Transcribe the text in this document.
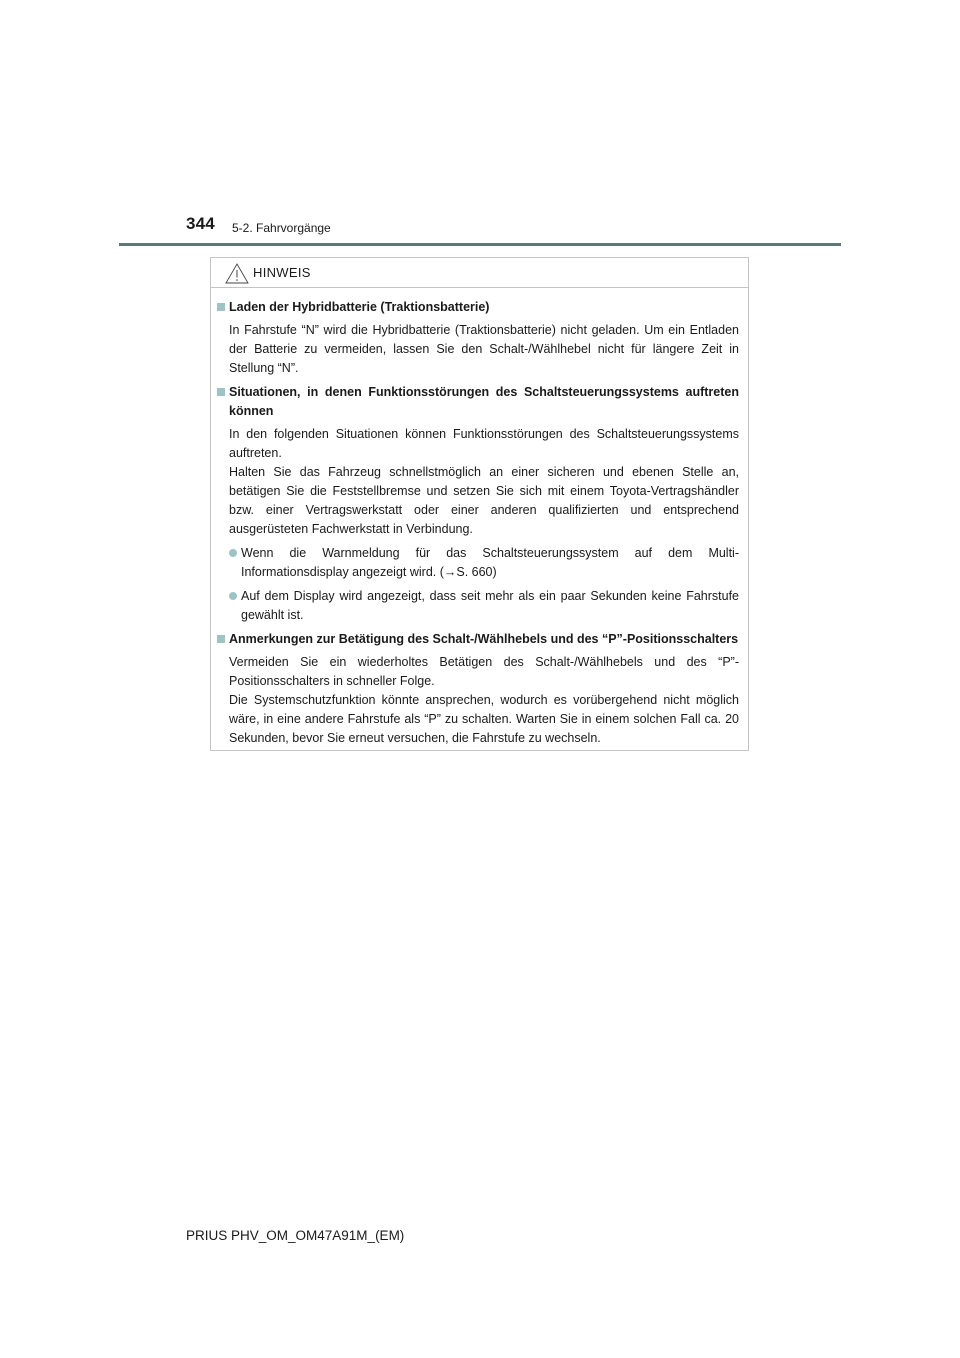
344 5-2. Fahrvorgänge
HINWEIS
Laden der Hybridbatterie (Traktionsbatterie)
In Fahrstufe “N” wird die Hybridbatterie (Traktionsbatterie) nicht geladen. Um ein Entladen der Batterie zu vermeiden, lassen Sie den Schalt-/Wählhebel nicht für längere Zeit in Stellung “N”.
Situationen, in denen Funktionsstörungen des Schaltsteuerungssystems auftreten können
In den folgenden Situationen können Funktionsstörungen des Schaltsteuerungssystems auftreten.
Halten Sie das Fahrzeug schnellstmöglich an einer sicheren und ebenen Stelle an, betätigen Sie die Feststellbremse und setzen Sie sich mit einem Toyota-Vertragshändler bzw. einer Vertragswerkstatt oder einer anderen qualifizierten und entsprechend ausgerüsteten Fachwerkstatt in Verbindung.
Wenn die Warnmeldung für das Schaltsteuerungssystem auf dem Multi-Informationsdisplay angezeigt wird. (→S. 660)
Auf dem Display wird angezeigt, dass seit mehr als ein paar Sekunden keine Fahrstufe gewählt ist.
Anmerkungen zur Betätigung des Schalt-/Wählhebels und des “P”-Positionsschalters
Vermeiden Sie ein wiederholtes Betätigen des Schalt-/Wählhebels und des “P”-Positionsschalters in schneller Folge.
Die Systemschutzfunktion könnte ansprechen, wodurch es vorübergehend nicht möglich wäre, in eine andere Fahrstufe als “P” zu schalten. Warten Sie in einem solchen Fall ca. 20 Sekunden, bevor Sie erneut versuchen, die Fahrstufe zu wechseln.
PRIUS PHV_OM_OM47A91M_(EM)
